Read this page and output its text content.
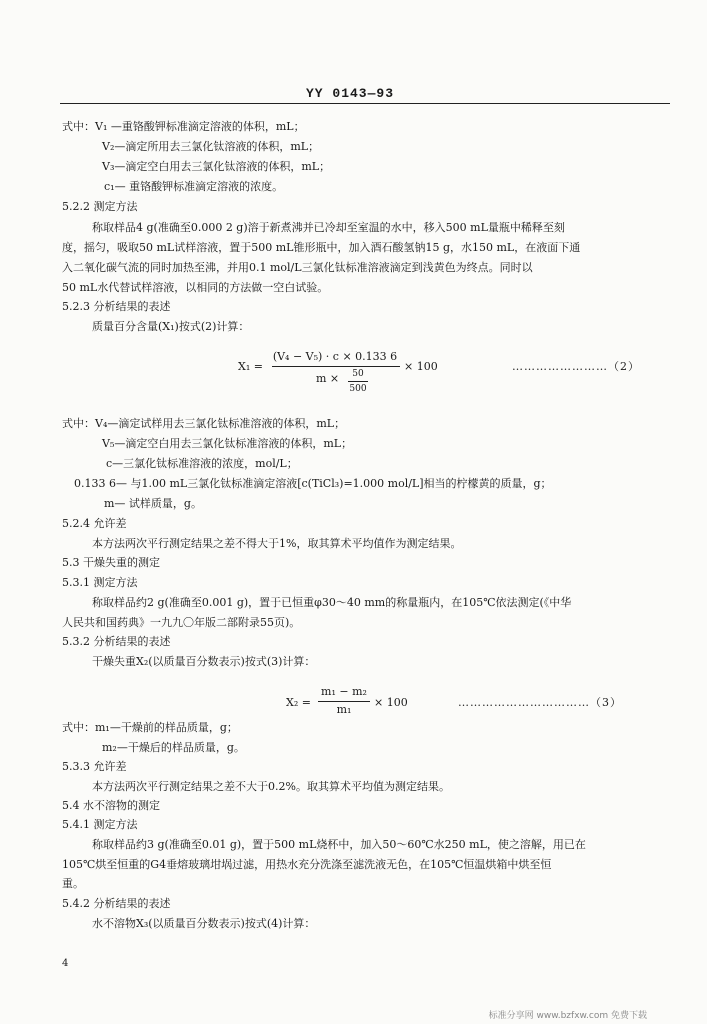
YY 0143—93
式中：V₁ —重铬酸钾标准滴定溶液的体积，mL；
V₂—滴定所用去三氯化钛溶液的体积，mL；
V₃—滴定空白用去三氯化钛溶液的体积，mL；
c₁— 重铬酸钾标准滴定溶液的浓度。
5.2.2 测定方法
称取样品4 g(准确至0.000 2 g)溶于新煮沸并已冷却至室温的水中，移入500 mL量瓶中稀释至刻
度，摇匀，吸取50 mL试样溶液，置于500 mL锥形瓶中，加入酒石酸氢钠15 g，水150 mL，在液面下通
入二氧化碳气流的同时加热至沸，并用0.1 mol/L三氯化钛标准溶液滴定到浅黄色为终点。同时以
50 mL水代替试样溶液，以相同的方法做一空白试验。
5.2.3 分析结果的表述
质量百分含量(X₁)按式(2)计算：
X₁ =
(V₄ − V₅) · c × 0.133 6
m ×	50
500
× 100	……………………（2）
式中：V₄—滴定试样用去三氯化钛标准溶液的体积，mL；
V₅—滴定空白用去三氯化钛标准溶液的体积，mL；
c—三氯化钛标准溶液的浓度，mol/L；
0.133 6— 与1.00 mL三氯化钛标准滴定溶液[c(TiCl₃)=1.000 mol/L]相当的柠檬黄的质量，g；
m— 试样质量，g。
5.2.4 允许差
本方法两次平行测定结果之差不得大于1%，取其算术平均值作为测定结果。
5.3 干燥失重的测定
5.3.1 测定方法
称取样品约2 g(准确至0.001 g)，置于已恒重φ30～40 mm的称量瓶内，在105℃依法测定(《中华
人民共和国药典》一九九〇年版二部附录55页)。
5.3.2 分析结果的表述
干燥失重X₂(以质量百分数表示)按式(3)计算：
X₂ =
m₁ − m₂
m₁
× 100	……………………………（3）
式中：m₁—干燥前的样品质量，g；
m₂—干燥后的样品质量，g。
5.3.3 允许差
本方法两次平行测定结果之差不大于0.2%。取其算术平均值为测定结果。
5.4 水不溶物的测定
5.4.1 测定方法
称取样品约3 g(准确至0.01 g)，置于500 mL烧杯中，加入50～60℃水250 mL，使之溶解，用已在
105℃烘至恒重的G4垂熔玻璃坩埚过滤，用热水充分洗涤至滤洗液无色，在105℃恒温烘箱中烘至恒
重。
5.4.2 分析结果的表述
水不溶物X₃(以质量百分数表示)按式(4)计算：
4
标准分享网 www.bzfxw.com 免费下载
